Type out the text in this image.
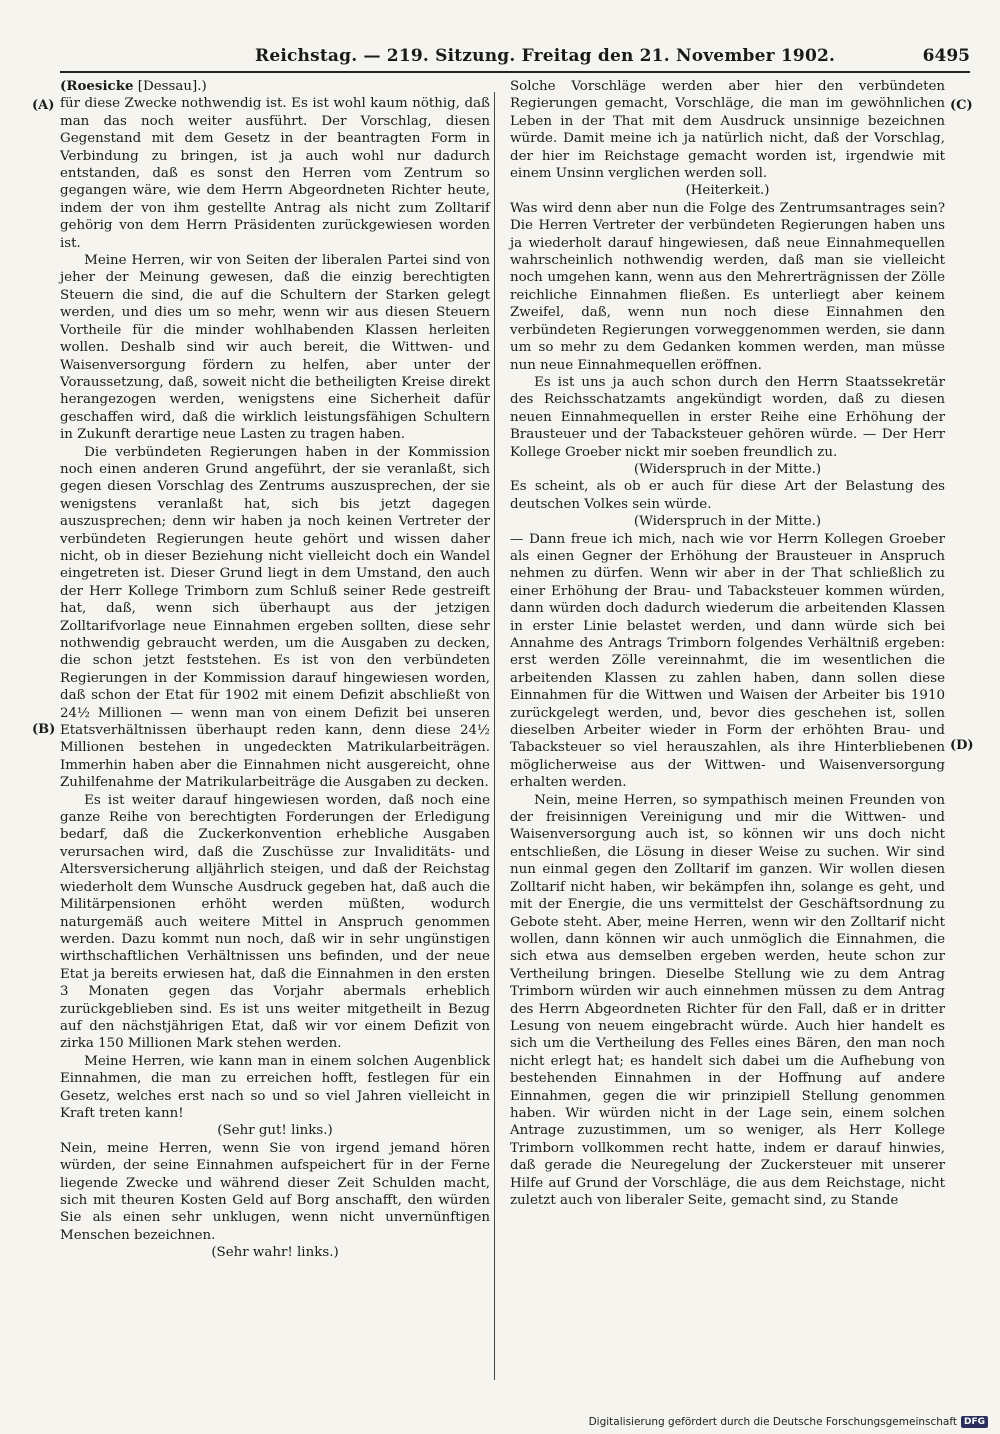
Reichstag. — 219. Sitzung. Freitag den 21. November 1902.	6495
(A)
(B)
(C)
(D)

(Roesicke [Dessau].)

für diese Zwecke nothwendig ist. Es ist wohl kaum nöthig, daß man das noch weiter ausführt. Der Vorschlag, diesen Gegenstand mit dem Gesetz in der beantragten Form in Verbindung zu bringen, ist ja auch wohl nur dadurch entstanden, daß es sonst den Herren vom Zentrum so gegangen wäre, wie dem Herrn Abgeordneten Richter heute, indem der von ihm gestellte Antrag als nicht zum Zolltarif gehörig von dem Herrn Präsidenten zurückgewiesen worden ist.

Meine Herren, wir von Seiten der liberalen Partei sind von jeher der Meinung gewesen, daß die einzig berechtigten Steuern die sind, die auf die Schultern der Starken gelegt werden, und dies um so mehr, wenn wir aus diesen Steuern Vortheile für die minder wohlhabenden Klassen herleiten wollen. Deshalb sind wir auch bereit, die Wittwen- und Waisenversorgung fördern zu helfen, aber unter der Voraussetzung, daß, soweit nicht die betheiligten Kreise direkt herangezogen werden, wenigstens eine Sicherheit dafür geschaffen wird, daß die wirklich leistungsfähigen Schultern in Zukunft derartige neue Lasten zu tragen haben.

Die verbündeten Regierungen haben in der Kommission noch einen anderen Grund angeführt, der sie veranlaßt, sich gegen diesen Vorschlag des Zentrums auszusprechen, der sie wenigstens veranlaßt hat, sich bis jetzt dagegen auszusprechen; denn wir haben ja noch keinen Vertreter der verbündeten Regierungen heute gehört und wissen daher nicht, ob in dieser Beziehung nicht vielleicht doch ein Wandel eingetreten ist. Dieser Grund liegt in dem Umstand, den auch der Herr Kollege Trimborn zum Schluß seiner Rede gestreift hat, daß, wenn sich überhaupt aus der jetzigen Zolltarifvorlage neue Einnahmen ergeben sollten, diese sehr nothwendig gebraucht werden, um die Ausgaben zu decken, die schon jetzt feststehen. Es ist von den verbündeten Regierungen in der Kommission darauf hingewiesen worden, daß schon der Etat für 1902 mit einem Defizit abschließt von 24½ Millionen — wenn man von einem Defizit bei unseren Etatsverhältnissen überhaupt reden kann, denn diese 24½ Millionen bestehen in ungedeckten Matrikularbeiträgen. Immerhin haben aber die Einnahmen nicht ausgereicht, ohne Zuhilfenahme der Matrikularbeiträge die Ausgaben zu decken.

Es ist weiter darauf hingewiesen worden, daß noch eine ganze Reihe von berechtigten Forderungen der Erledigung bedarf, daß die Zuckerkonvention erhebliche Ausgaben verursachen wird, daß die Zuschüsse zur Invaliditäts- und Altersversicherung alljährlich steigen, und daß der Reichstag wiederholt dem Wunsche Ausdruck gegeben hat, daß auch die Militärpensionen erhöht werden müßten, wodurch naturgemäß auch weitere Mittel in Anspruch genommen werden. Dazu kommt nun noch, daß wir in sehr ungünstigen wirthschaftlichen Verhältnissen uns befinden, und der neue Etat ja bereits erwiesen hat, daß die Einnahmen in den ersten 3 Monaten gegen das Vorjahr abermals erheblich zurückgeblieben sind. Es ist uns weiter mitgetheilt in Bezug auf den nächstjährigen Etat, daß wir vor einem Defizit von zirka 150 Millionen Mark stehen werden.

Meine Herren, wie kann man in einem solchen Augenblick Einnahmen, die man zu erreichen hofft, festlegen für ein Gesetz, welches erst nach so und so viel Jahren vielleicht in Kraft treten kann!

(Sehr gut! links.)

Nein, meine Herren, wenn Sie von irgend jemand hören würden, der seine Einnahmen aufspeichert für in der Ferne liegende Zwecke und während dieser Zeit Schulden macht, sich mit theuren Kosten Geld auf Borg anschafft, den würden Sie als einen sehr unklugen, wenn nicht unvernünftigen Menschen bezeichnen.

(Sehr wahr! links.)

Solche Vorschläge werden aber hier den verbündeten Regierungen gemacht, Vorschläge, die man im gewöhnlichen Leben in der That mit dem Ausdruck unsinnige bezeichnen würde. Damit meine ich ja natürlich nicht, daß der Vorschlag, der hier im Reichstage gemacht worden ist, irgendwie mit einem Unsinn verglichen werden soll.

(Heiterkeit.)

Was wird denn aber nun die Folge des Zentrumsantrages sein? Die Herren Vertreter der verbündeten Regierungen haben uns ja wiederholt darauf hingewiesen, daß neue Einnahmequellen wahrscheinlich nothwendig werden, daß man sie vielleicht noch umgehen kann, wenn aus den Mehrerträgnissen der Zölle reichliche Einnahmen fließen. Es unterliegt aber keinem Zweifel, daß, wenn nun noch diese Einnahmen den verbündeten Regierungen vorweggenommen werden, sie dann um so mehr zu dem Gedanken kommen werden, man müsse nun neue Einnahmequellen eröffnen.

Es ist uns ja auch schon durch den Herrn Staatssekretär des Reichsschatzamts angekündigt worden, daß zu diesen neuen Einnahmequellen in erster Reihe eine Erhöhung der Brausteuer und der Tabacksteuer gehören würde. — Der Herr Kollege Groeber nickt mir soeben freundlich zu.

(Widerspruch in der Mitte.)

Es scheint, als ob er auch für diese Art der Belastung des deutschen Volkes sein würde.

(Widerspruch in der Mitte.)

— Dann freue ich mich, nach wie vor Herrn Kollegen Groeber als einen Gegner der Erhöhung der Brausteuer in Anspruch nehmen zu dürfen. Wenn wir aber in der That schließlich zu einer Erhöhung der Brau- und Tabacksteuer kommen würden, dann würden doch dadurch wiederum die arbeitenden Klassen in erster Linie belastet werden, und dann würde sich bei Annahme des Antrags Trimborn folgendes Verhältniß ergeben: erst werden Zölle vereinnahmt, die im wesentlichen die arbeitenden Klassen zu zahlen haben, dann sollen diese Einnahmen für die Wittwen und Waisen der Arbeiter bis 1910 zurückgelegt werden, und, bevor dies geschehen ist, sollen dieselben Arbeiter wieder in Form der erhöhten Brau- und Tabacksteuer so viel herauszahlen, als ihre Hinterbliebenen möglicherweise aus der Wittwen- und Waisenversorgung erhalten werden.

Nein, meine Herren, so sympathisch meinen Freunden von der freisinnigen Vereinigung und mir die Wittwen- und Waisenversorgung auch ist, so können wir uns doch nicht entschließen, die Lösung in dieser Weise zu suchen. Wir sind nun einmal gegen den Zolltarif im ganzen. Wir wollen diesen Zolltarif nicht haben, wir bekämpfen ihn, solange es geht, und mit der Energie, die uns vermittelst der Geschäftsordnung zu Gebote steht. Aber, meine Herren, wenn wir den Zolltarif nicht wollen, dann können wir auch unmöglich die Einnahmen, die sich etwa aus demselben ergeben werden, heute schon zur Vertheilung bringen. Dieselbe Stellung wie zu dem Antrag Trimborn würden wir auch einnehmen müssen zu dem Antrag des Herrn Abgeordneten Richter für den Fall, daß er in dritter Lesung von neuem eingebracht würde. Auch hier handelt es sich um die Vertheilung des Felles eines Bären, den man noch nicht erlegt hat; es handelt sich dabei um die Aufhebung von bestehenden Einnahmen in der Hoffnung auf andere Einnahmen, gegen die wir prinzipiell Stellung genommen haben. Wir würden nicht in der Lage sein, einem solchen Antrage zuzustimmen, um so weniger, als Herr Kollege Trimborn vollkommen recht hatte, indem er darauf hinwies, daß gerade die Neuregelung der Zuckersteuer mit unserer Hilfe auf Grund der Vorschläge, die aus dem Reichstage, nicht zuletzt auch von liberaler Seite, gemacht sind, zu Stande

Digitalisierung gefördert durch die Deutsche Forschungsgemeinschaft DFG
